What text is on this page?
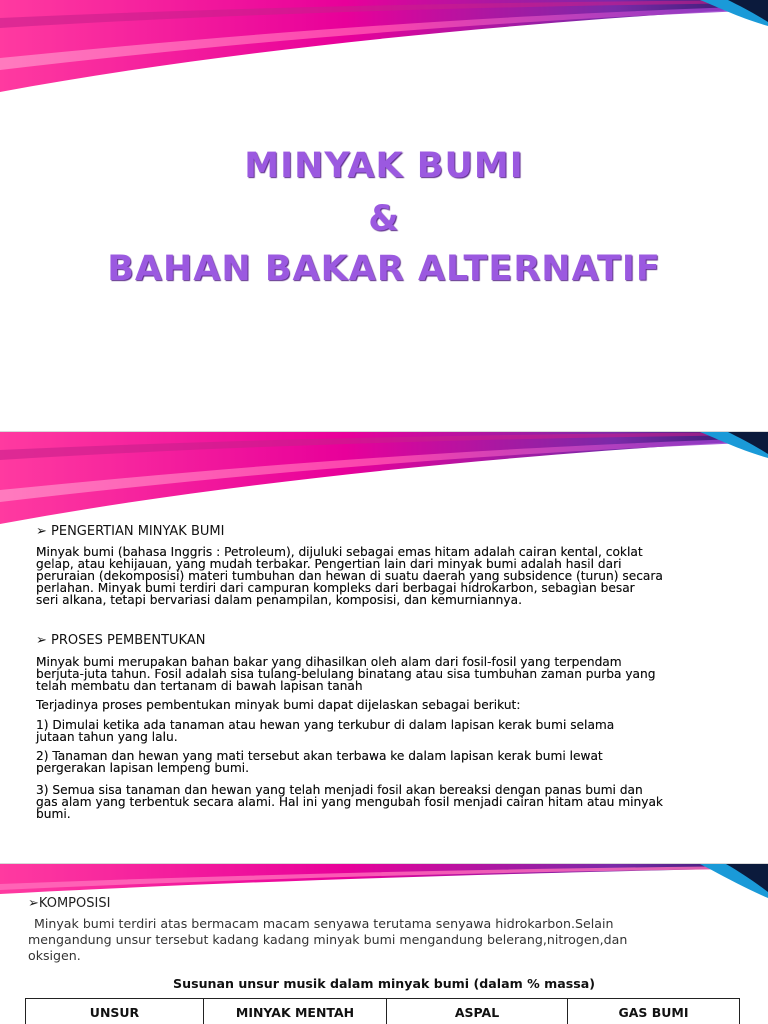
MINYAK BUMI
&
BAHAN BAKAR ALTERNATIF
➢ PENGERTIAN MINYAK BUMI
Minyak bumi (bahasa Inggris : Petroleum), dijuluki sebagai emas hitam adalah cairan kental, coklat
gelap, atau kehijauan, yang mudah terbakar. Pengertian lain dari minyak bumi adalah hasil dari
peruraian (dekomposisi) materi tumbuhan dan hewan di suatu daerah yang subsidence (turun) secara
perlahan. Minyak bumi terdiri dari campuran kompleks dari berbagai hidrokarbon, sebagian besar
seri alkana, tetapi bervariasi dalam penampilan, komposisi, dan kemurniannya.
➢ PROSES PEMBENTUKAN
Minyak bumi merupakan bahan bakar yang dihasilkan oleh alam dari fosil-fosil yang terpendam
berjuta-juta tahun. Fosil adalah sisa tulang-belulang binatang atau sisa tumbuhan zaman purba yang
telah membatu dan tertanam di bawah lapisan tanah
Terjadinya proses pembentukan minyak bumi dapat dijelaskan sebagai berikut:
1) Dimulai ketika ada tanaman atau hewan yang terkubur di dalam lapisan kerak bumi selama
jutaan tahun yang lalu.
2) Tanaman dan hewan yang mati tersebut akan terbawa ke dalam lapisan kerak bumi lewat
pergerakan lapisan lempeng bumi.
3) Semua sisa tanaman dan hewan yang telah menjadi fosil akan bereaksi dengan panas bumi dan
gas alam yang terbentuk secara alami. Hal ini yang mengubah fosil menjadi cairan hitam atau minyak
bumi.
➢KOMPOSISI
Minyak bumi terdiri atas bermacam macam senyawa terutama senyawa hidrokarbon.Selain
mengandung unsur tersebut kadang kadang minyak bumi mengandung belerang,nitrogen,dan
oksigen.
Susunan unsur musik dalam minyak bumi (dalam % massa)
UNSUR	MINYAK MENTAH	ASPAL	GAS BUMI
